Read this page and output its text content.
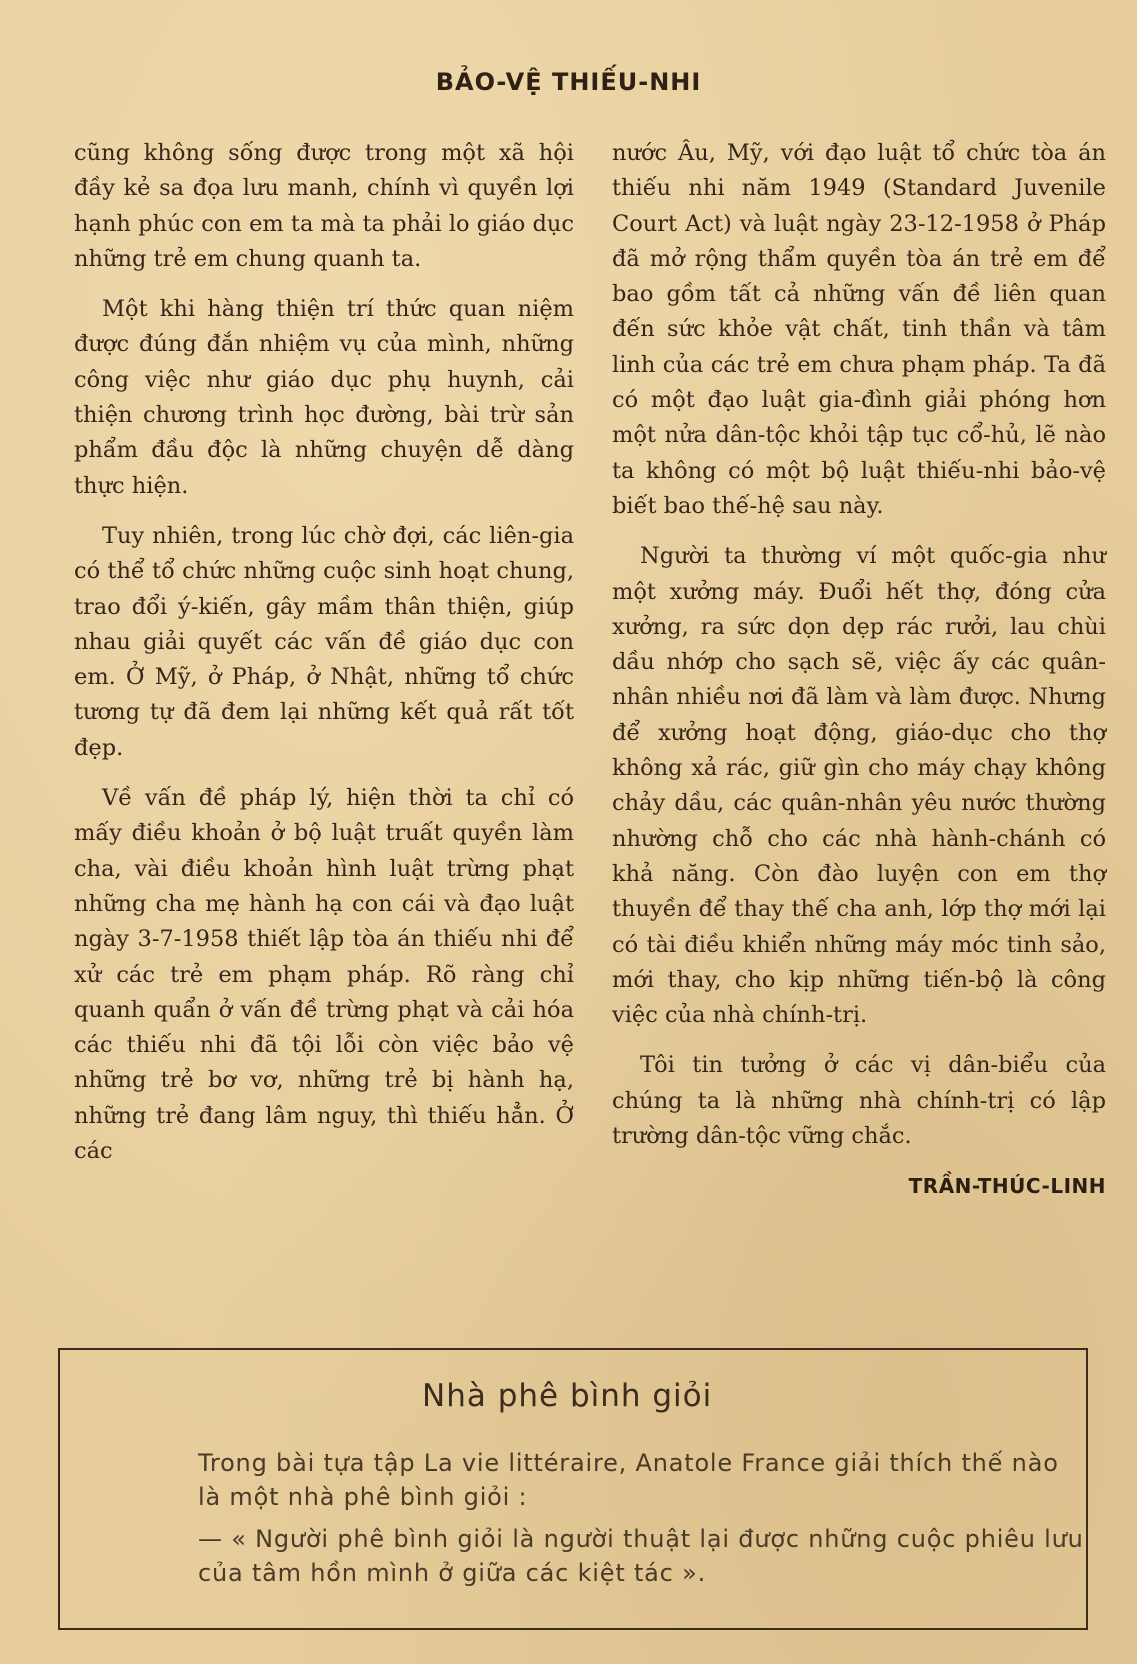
BẢO-VỆ THIẾU-NHI

cũng không sống được trong một xã hội đầy kẻ sa đọa lưu manh, chính vì quyền lợi hạnh phúc con em ta mà ta phải lo giáo dục những trẻ em chung quanh ta.

Một khi hàng thiện trí thức quan niệm được đúng đắn nhiệm vụ của mình, những công việc như giáo dục phụ huynh, cải thiện chương trình học đường, bài trừ sản phẩm đầu độc là những chuyện dễ dàng thực hiện.

Tuy nhiên, trong lúc chờ đợi, các liên-gia có thể tổ chức những cuộc sinh hoạt chung, trao đổi ý-kiến, gây mầm thân thiện, giúp nhau giải quyết các vấn đề giáo dục con em. Ở Mỹ, ở Pháp, ở Nhật, những tổ chức tương tự đã đem lại những kết quả rất tốt đẹp.

Về vấn đề pháp lý, hiện thời ta chỉ có mấy điều khoản ở bộ luật truất quyền làm cha, vài điều khoản hình luật trừng phạt những cha mẹ hành hạ con cái và đạo luật ngày 3-7-1958 thiết lập tòa án thiếu nhi để xử các trẻ em phạm pháp. Rõ ràng chỉ quanh quẩn ở vấn đề trừng phạt và cải hóa các thiếu nhi đã tội lỗi còn việc bảo vệ những trẻ bơ vơ, những trẻ bị hành hạ, những trẻ đang lâm nguy, thì thiếu hẳn. Ở các

nước Âu, Mỹ, với đạo luật tổ chức tòa án thiếu nhi năm 1949 (Standard Juvenile Court Act) và luật ngày 23-12-1958 ở Pháp đã mở rộng thẩm quyền tòa án trẻ em để bao gồm tất cả những vấn đề liên quan đến sức khỏe vật chất, tinh thần và tâm linh của các trẻ em chưa phạm pháp. Ta đã có một đạo luật gia-đình giải phóng hơn một nửa dân-tộc khỏi tập tục cổ-hủ, lẽ nào ta không có một bộ luật thiếu-nhi bảo-vệ biết bao thế-hệ sau này.

Người ta thường ví một quốc-gia như một xưởng máy. Đuổi hết thợ, đóng cửa xưởng, ra sức dọn dẹp rác rưởi, lau chùi dầu nhớp cho sạch sẽ, việc ấy các quân-nhân nhiều nơi đã làm và làm được. Nhưng để xưởng hoạt động, giáo-dục cho thợ không xả rác, giữ gìn cho máy chạy không chảy dầu, các quân-nhân yêu nước thường nhường chỗ cho các nhà hành-chánh có khả năng. Còn đào luyện con em thợ thuyền để thay thế cha anh, lớp thợ mới lại có tài điều khiển những máy móc tinh sảo, mới thay, cho kịp những tiến-bộ là công việc của nhà chính-trị.

Tôi tin tưởng ở các vị dân-biểu của chúng ta là những nhà chính-trị có lập trường dân-tộc vững chắc.

TRẦN-THÚC-LINH
Nhà phê bình giỏi

Trong bài tựa tập La vie littéraire, Anatole France giải thích thế nào là một nhà phê bình giỏi :

— « Người phê bình giỏi là người thuật lại được những cuộc phiêu lưu của tâm hồn mình ở giữa các kiệt tác ».
